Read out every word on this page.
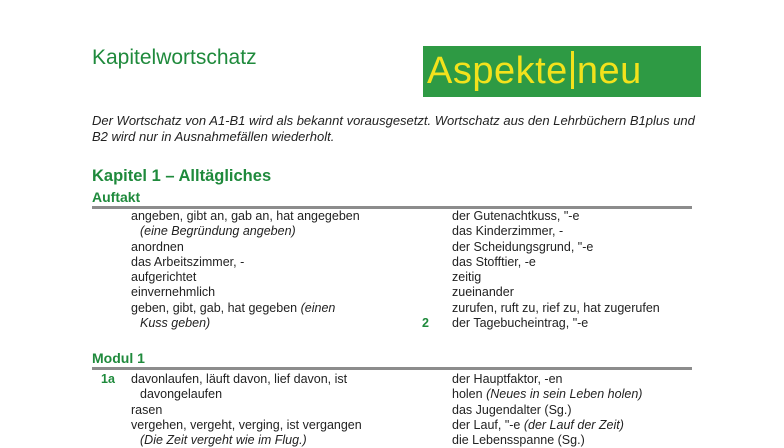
Kapitelwortschatz	Aspekte neu
Der Wortschatz von A1-B1 wird als bekannt vorausgesetzt. Wortschatz aus den Lehrbüchern B1plus und B2 wird nur in Ausnahmefällen wiederholt.
Kapitel 1 – Alltägliches
Auftakt
angeben, gibt an, gab an, hat angegeben
(eine Begründung angeben)
anordnen
das Arbeitszimmer, -
aufgerichtet
einvernehmlich
geben, gibt, gab, hat gegeben (einen
Kuss geben)	2
der Gutenachtkuss, "-e
das Kinderzimmer, -
der Scheidungsgrund, "-e
das Stofftier, -e
zeitig
zueinander
zurufen, ruft zu, rief zu, hat zugerufen
der Tagebucheintrag, "-e
Modul 1
1a davonlaufen, läuft davon, lief davon, ist
davongelaufen
rasen
vergehen, vergeht, verging, ist vergangen
(Die Zeit vergeht wie im Flug.)
der Hauptfaktor, -en
holen (Neues in sein Leben holen)
das Jugendalter (Sg.)
der Lauf, "-e (der Lauf der Zeit)
die Lebensspanne (Sg.)
